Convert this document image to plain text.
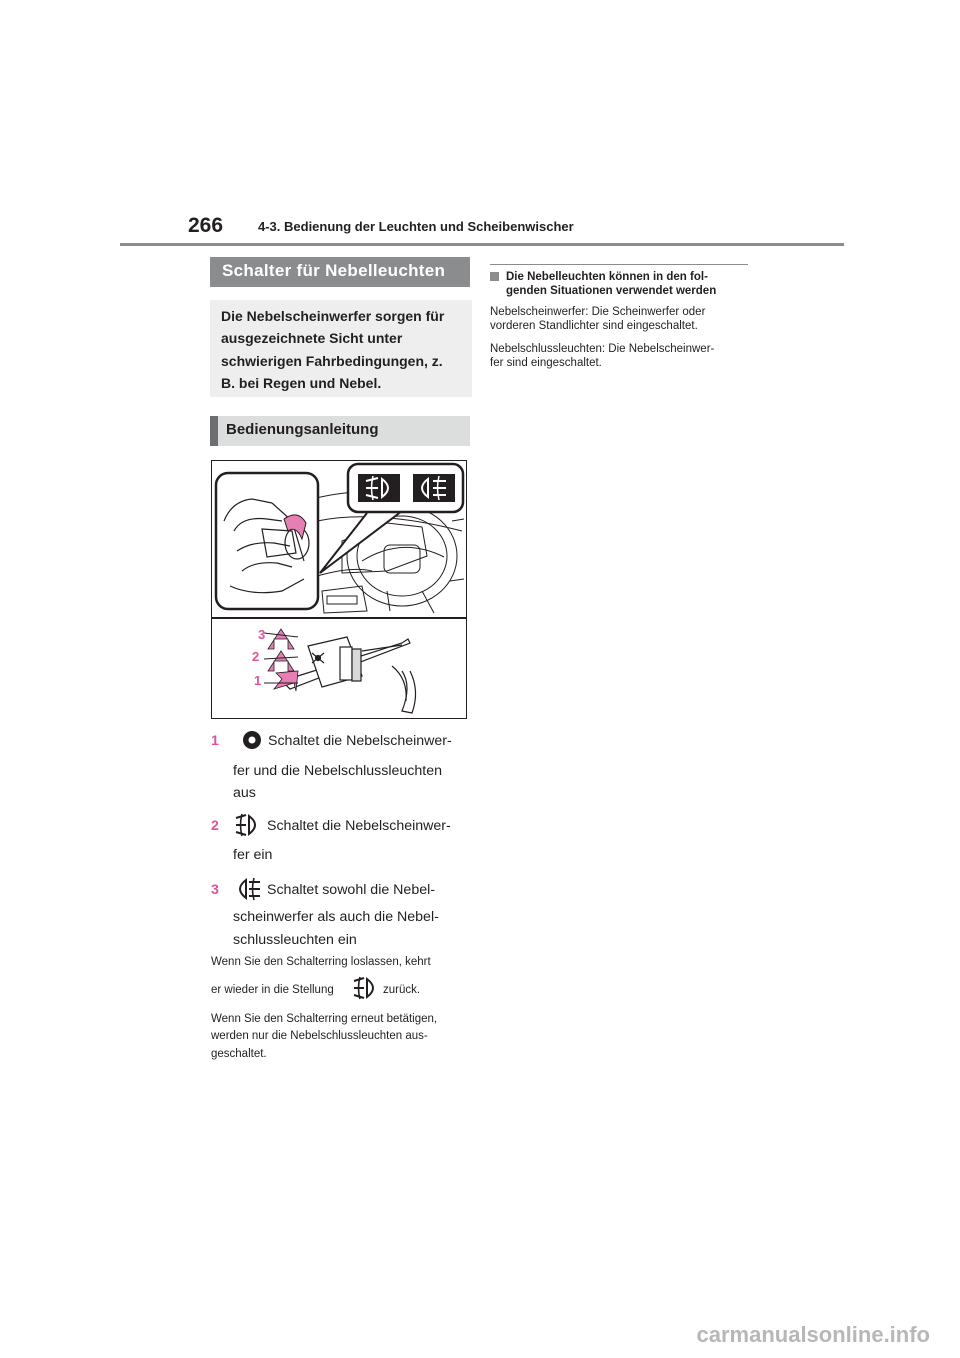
266	4-3. Bedienung der Leuchten und Scheibenwischer
Schalter für Nebelleuchten
Die Nebelscheinwerfer sorgen für
ausgezeichnete Sicht unter
schwierigen Fahrbedingungen, z.
B. bei Regen und Nebel.
Bedienungsanleitung
3
2
1
1	Schaltet die Nebelscheinwer-
fer und die Nebelschlussleuchten
aus
2	Schaltet die Nebelscheinwer-
fer ein
3	Schaltet sowohl die Nebel-
scheinwerfer als auch die Nebel-
schlussleuchten ein
Wenn Sie den Schalterring loslassen, kehrt
er wieder in die Stellung	zurück.
Wenn Sie den Schalterring erneut betätigen,
werden nur die Nebelschlussleuchten aus-
geschaltet.
Die Nebelleuchten können in den fol-
genden Situationen verwendet werden
Nebelscheinwerfer: Die Scheinwerfer oder
vorderen Standlichter sind eingeschaltet.
Nebelschlussleuchten: Die Nebelscheinwer-
fer sind eingeschaltet.
carmanualsonline.info
